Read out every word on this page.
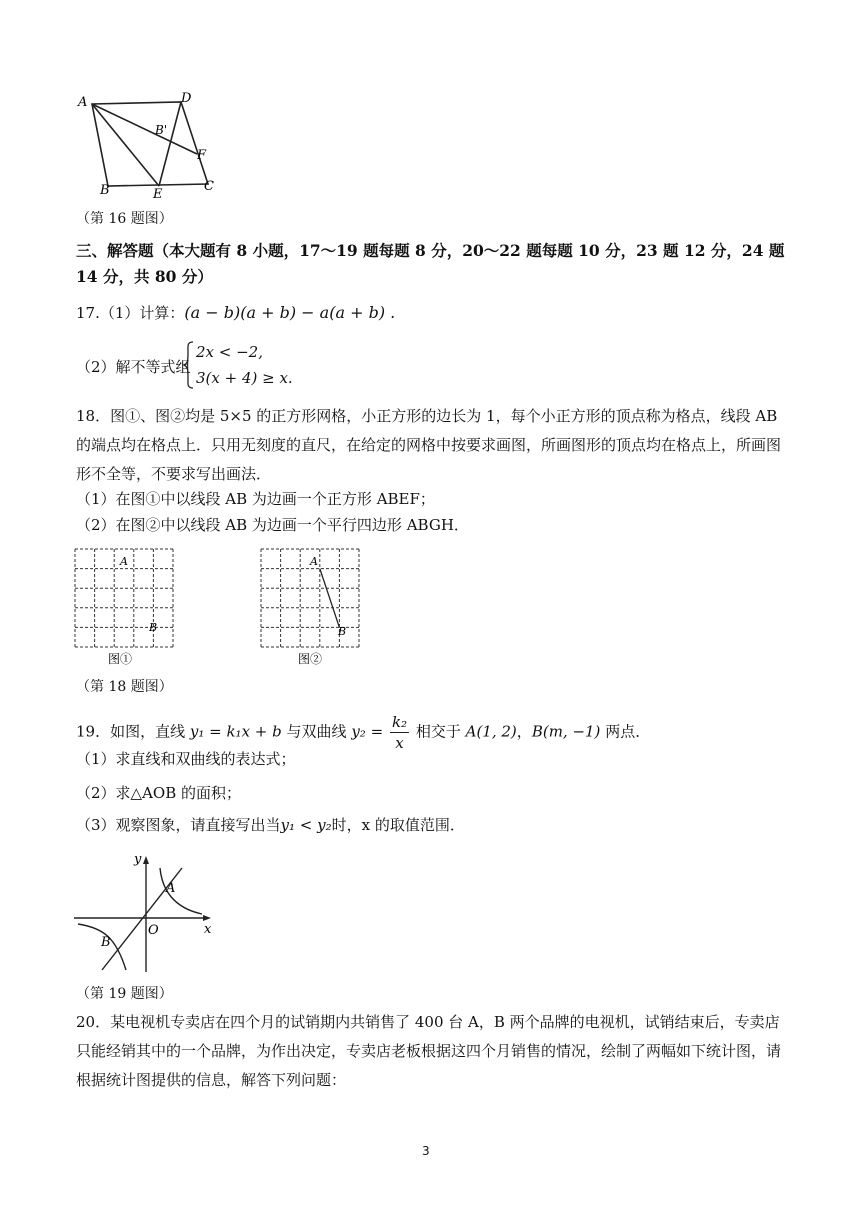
A	D
B'
F
B	E
C
（第 16 题图）
三、解答题（本大题有 8 小题，17～19 题每题 8 分，20～22 题每题 10 分，23 题 12 分，24 题 14 分，共 80 分）
17.（1）计算：(a − b)(a + b) − a(a + b) .
（2）解不等式组
2x < −2,
3(x + 4) ≥ x.
18．图①、图②均是 5×5 的正方形网格，小正方形的边长为 1，每个小正方形的顶点称为格点，线段 AB 的端点均在格点上．只用无刻度的直尺，在给定的网格中按要求画图，所画图形的顶点均在格点上，所画图形不全等，不要求写出画法．
（1）在图①中以线段 AB 为边画一个正方形 ABEF；
（2）在图②中以线段 AB 为边画一个平行四边形 ABGH．
A
B
图①
A
B
图②
（第 18 题图）
19．如图，直线 y₁ = k₁x + b 与双曲线 $y_2 = \frac{\text{k₂}}{x}$ 相交于 A(1, 2)，B(m, −1) 两点．
（1）求直线和双曲线的表达式；
（2）求△AOB 的面积；
（3）观察图象，请直接写出当y₁ < y₂时，x 的取值范围．
y
x
O
A
B
（第 19 题图）
20．某电视机专卖店在四个月的试销期内共销售了 400 台 A，B 两个品牌的电视机，试销结束后，专卖店只能经销其中的一个品牌，为作出决定，专卖店老板根据这四个月销售的情况，绘制了两幅如下统计图，请根据统计图提供的信息，解答下列问题：
3
